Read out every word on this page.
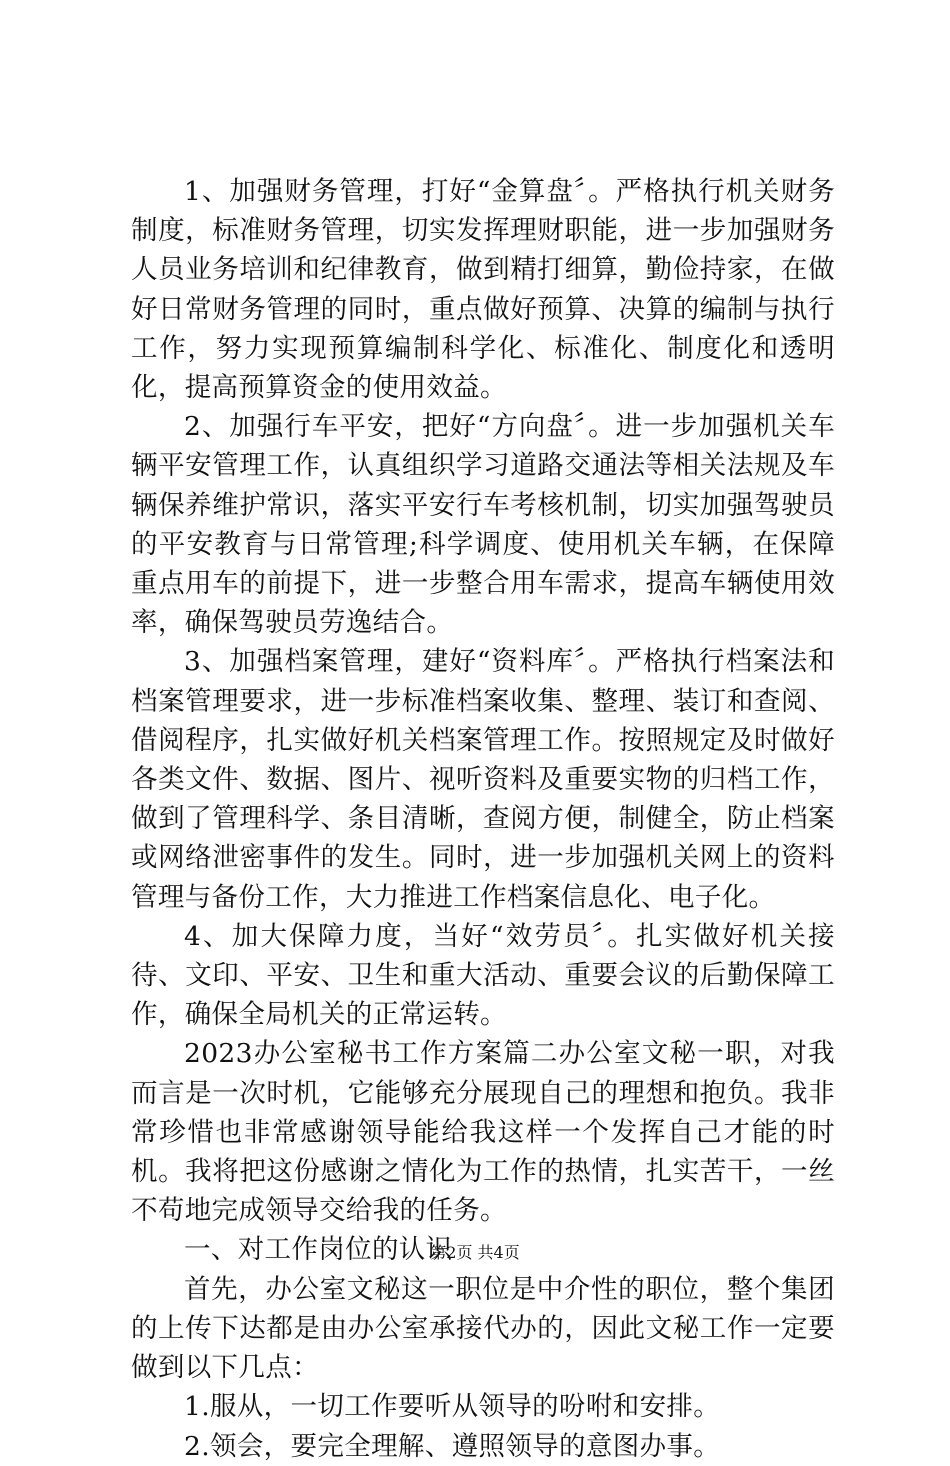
1、加强财务管理，打好“金算盘〞。严格执行机关财务制度，标准财务管理，切实发挥理财职能，进一步加强财务人员业务培训和纪律教育，做到精打细算，勤俭持家，在做好日常财务管理的同时，重点做好预算、决算的编制与执行工作，努力实现预算编制科学化、标准化、制度化和透明化，提高预算资金的使用效益。

2、加强行车平安，把好“方向盘〞。进一步加强机关车辆平安管理工作，认真组织学习道路交通法等相关法规及车辆保养维护常识，落实平安行车考核机制，切实加强驾驶员的平安教育与日常管理;科学调度、使用机关车辆，在保障重点用车的前提下，进一步整合用车需求，提高车辆使用效率，确保驾驶员劳逸结合。

3、加强档案管理，建好“资料库〞。严格执行档案法和档案管理要求，进一步标准档案收集、整理、装订和查阅、借阅程序，扎实做好机关档案管理工作。按照规定及时做好各类文件、数据、图片、视听资料及重要实物的归档工作，做到了管理科学、条目清晰，查阅方便，制健全，防止档案或网络泄密事件的发生。同时，进一步加强机关网上的资料管理与备份工作，大力推进工作档案信息化、电子化。

4、加大保障力度，当好“效劳员〞。扎实做好机关接待、文印、平安、卫生和重大活动、重要会议的后勤保障工作，确保全局机关的正常运转。

2023办公室秘书工作方案篇二办公室文秘一职，对我而言是一次时机，它能够充分展现自己的理想和抱负。我非常珍惜也非常感谢领导能给我这样一个发挥自己才能的时机。我将把这份感谢之情化为工作的热情，扎实苦干，一丝不苟地完成领导交给我的任务。

一、对工作岗位的认识

首先，办公室文秘这一职位是中介性的职位，整个集团的上传下达都是由办公室承接代办的，因此文秘工作一定要做到以下几点：

1.服从，一切工作要听从领导的吩咐和安排。

2.领会，要完全理解、遵照领导的意图办事。

第2页 共4页
